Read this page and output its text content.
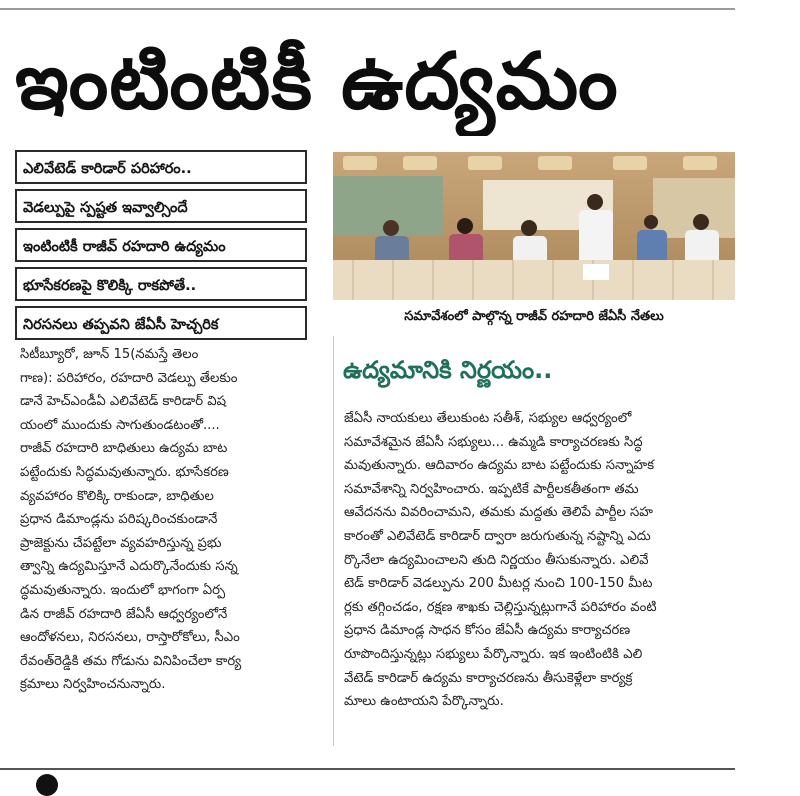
ఇంటింటికీ ఉద్యమం
ఎలివేటెడ్ కారిడార్ పరిహారం..
వెడల్పుపై స్పష్టత ఇవ్వాల్సిందే
ఇంటింటికీ రాజీవ్ రహదారి ఉద్యమం
భూసేకరణపై కొలిక్కి రాకపోతే..
నిరసనలు తప్పవని జేఏసీ హెచ్చరిక
సమావేశంలో పాల్గొన్న రాజీవ్ రహదారి జేఏసీ నేతలు
సిటీబ్యూరో, జూన్ 15(నమస్తే తెలం
గాణ): పరిహారం, రహదారి వెడల్పు తేలకుం
డానే హెచ్ఎండీఏ ఎలివేటెడ్ కారిడార్ విష
యంలో ముందుకు సాగుతుండటంతో....
రాజీవ్ రహదారి బాధితులు ఉద్యమ బాట
పట్టేందుకు సిద్ధమవుతున్నారు. భూసేకరణ
వ్యవహారం కొలిక్కి రాకుండా, బాధితుల
ప్రధాన డిమాండ్లను పరిష్కరించకుండానే
ప్రాజెక్టును చేపట్టేలా వ్యవహరిస్తున్న ప్రభు
త్వాన్ని ఉద్యమిస్తూనే ఎదుర్కొనేందుకు సన్న
ద్ధమవుతున్నారు. ఇందులో భాగంగా ఏర్ప
డిన రాజీవ్ రహదారి జేఏసీ ఆధ్వర్యంలోనే
ఆందోళనలు, నిరసనలు, రాస్తారోకోలు, సీఎం
రేవంత్‌రెడ్డికి తమ గోడును వినిపించేలా కార్య
క్రమాలు నిర్వహించనున్నారు.
ఉద్యమానికి నిర్ణయం..
జేఏసీ నాయకులు తేలుకుంట సతీశ్, సభ్యుల ఆధ్వర్యంలో
సమావేశమైన జేఏసీ సభ్యులు... ఉమ్మడి కార్యాచరణకు సిద్ధ
మవుతున్నారు. ఆదివారం ఉద్యమ బాట పట్టేందుకు సన్నాహక
సమావేశాన్ని నిర్వహించారు. ఇప్పటికే పార్టీలకతీతంగా తమ
ఆవేదనను వివరించామని, తమకు మద్దతు తెలిపే పార్టీల సహ
కారంతో ఎలివేటెడ్ కారిడార్ ద్వారా జరుగుతున్న నష్టాన్ని ఎదు
ర్కొనేలా ఉద్యమించాలని తుది నిర్ణయం తీసుకున్నారు. ఎలివే
టెడ్ కారిడార్ వెడల్పును 200 మీటర్ల నుంచి 100-150 మీట
ర్లకు తగ్గించడం, రక్షణ శాఖకు చెల్లిస్తున్నట్లుగానే పరిహారం వంటి
ప్రధాన డిమాండ్ల సాధన కోసం జేఏసీ ఉద్యమ కార్యాచరణ
రూపొందిస్తున్నట్లు సభ్యులు పేర్కొన్నారు. ఇక ఇంటింటికి ఎలి
వేటెడ్ కారిడార్ ఉద్యమ కార్యాచరణను తీసుకెళ్లేలా కార్యక్ర
మాలు ఉంటాయని పేర్కొన్నారు.
